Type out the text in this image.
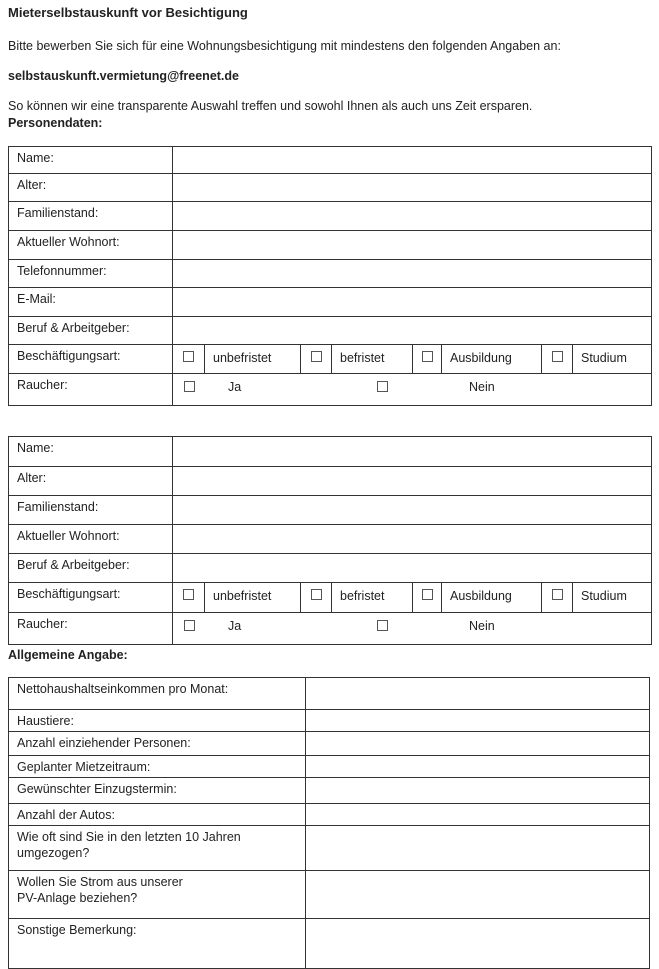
Mieterselbstauskunft vor Besichtigung
Bitte bewerben Sie sich für eine Wohnungsbesichtigung mit mindestens den folgenden Angaben an:
selbstauskunft.vermietung@freenet.de
So können wir eine transparente Auswahl treffen und sowohl Ihnen als auch uns Zeit ersparen.
Personendaten:
Name:								
Alter:								
Familienstand:								
Aktueller Wohnort:								
Telefonnummer:								
E-Mail:								
Beruf & Arbeitgeber:								
Beschäftigungsart:		unbefristet		befristet		Ausbildung		Studium
Raucher:	Ja Nein							
Name:								
Alter:								
Familienstand:								
Aktueller Wohnort:								
Beruf & Arbeitgeber:								
Beschäftigungsart:		unbefristet		befristet		Ausbildung		Studium
Raucher:	Ja Nein							
Allgemeine Angabe:
Nettohaushaltseinkommen pro Monat:	
Haustiere:	
Anzahl einziehender Personen:	
Geplanter Mietzeitraum:	
Gewünschter Einzugstermin:	
Anzahl der Autos:	
Wie oft sind Sie in den letzten 10 Jahren umgezogen?	
Wollen Sie Strom aus unserer PV-Anlage beziehen?	
Sonstige Bemerkung:	
